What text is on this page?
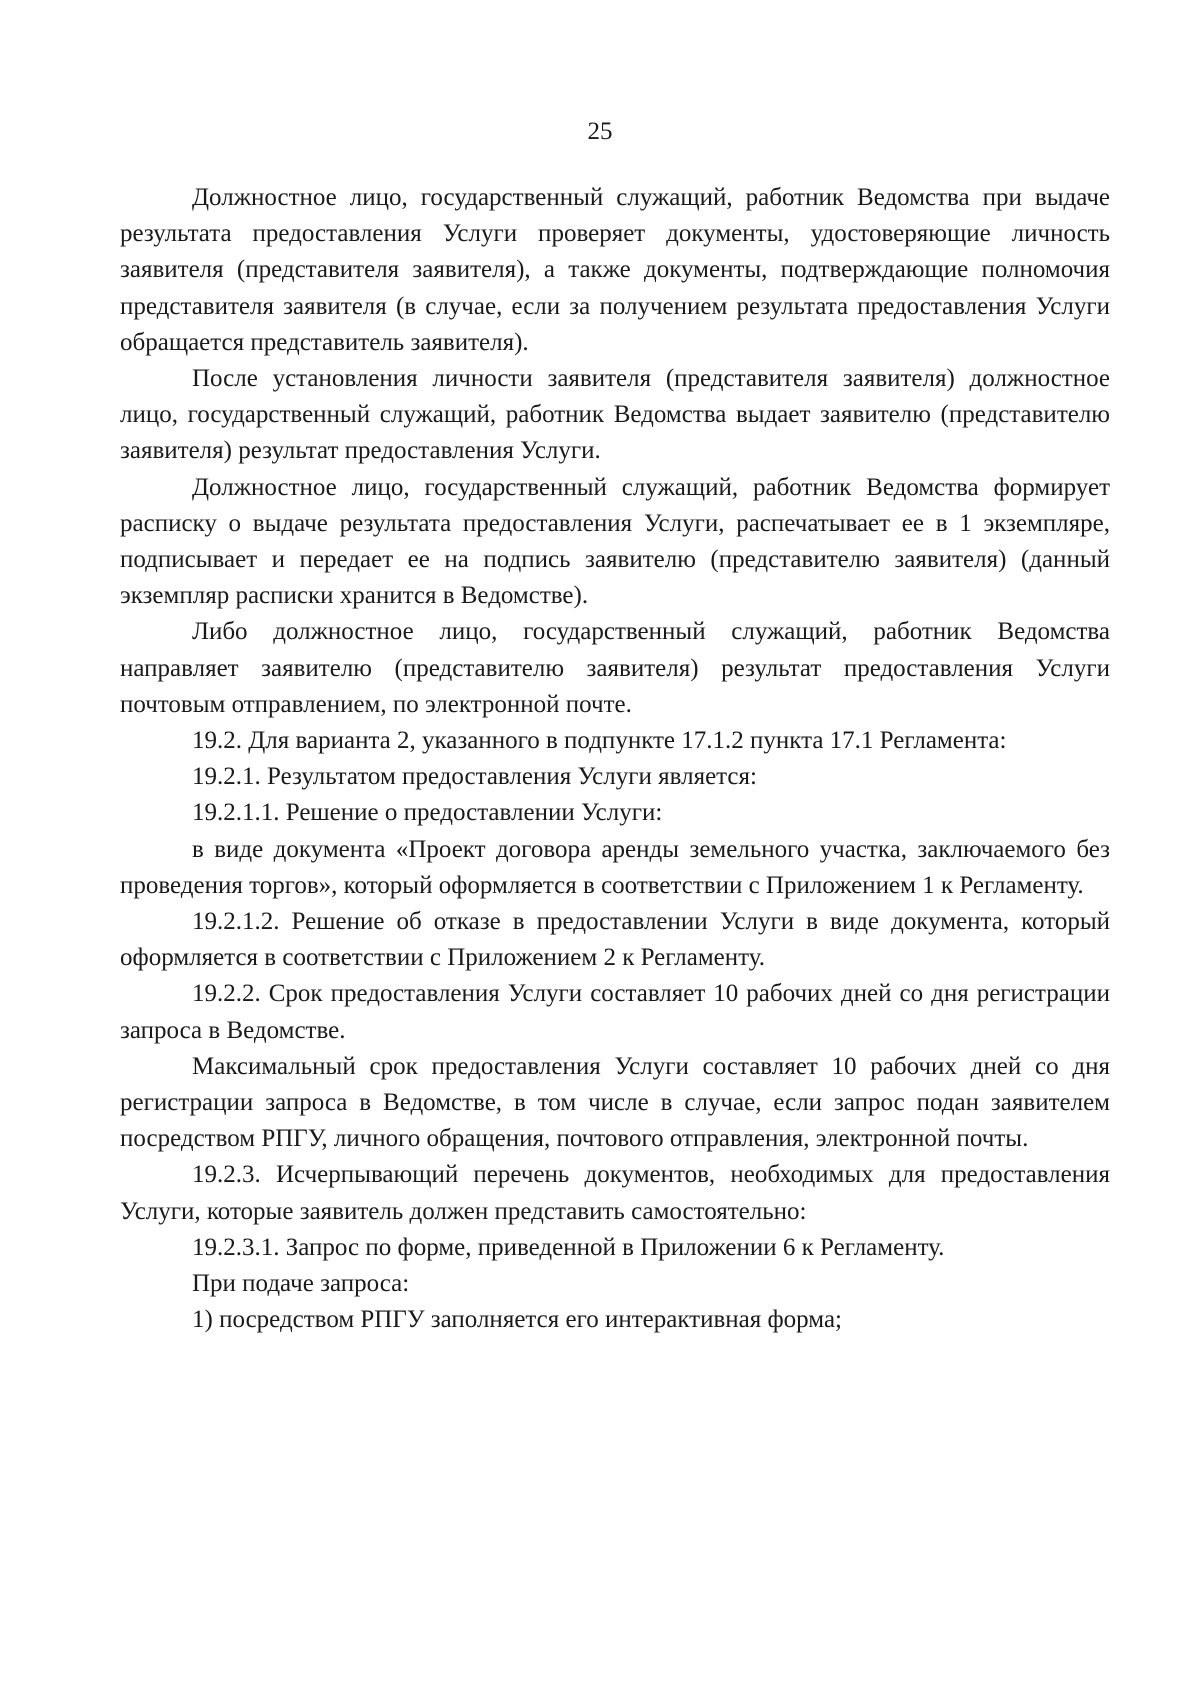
25

Должностное лицо, государственный служащий, работник Ведомства при выдаче результата предоставления Услуги проверяет документы, удостоверяющие личность заявителя (представителя заявителя), а также документы, подтверждающие полномочия представителя заявителя (в случае, если за получением результата предоставления Услуги обращается представитель заявителя).

После установления личности заявителя (представителя заявителя) должностное лицо, государственный служащий, работник Ведомства выдает заявителю (представителю заявителя) результат предоставления Услуги.

Должностное лицо, государственный служащий, работник Ведомства формирует расписку о выдаче результата предоставления Услуги, распечатывает ее в 1 экземпляре, подписывает и передает ее на подпись заявителю (представителю заявителя) (данный экземпляр расписки хранится в Ведомстве).

Либо должностное лицо, государственный служащий, работник Ведомства направляет заявителю (представителю заявителя) результат предоставления Услуги почтовым отправлением, по электронной почте.

19.2. Для варианта 2, указанного в подпункте 17.1.2 пункта 17.1 Регламента:

19.2.1. Результатом предоставления Услуги является:

19.2.1.1. Решение о предоставлении Услуги:

в виде документа «Проект договора аренды земельного участка, заключаемого без проведения торгов», который оформляется в соответствии с Приложением 1 к Регламенту.

19.2.1.2. Решение об отказе в предоставлении Услуги в виде документа, который оформляется в соответствии с Приложением 2 к Регламенту.

19.2.2. Срок предоставления Услуги составляет 10 рабочих дней со дня регистрации запроса в Ведомстве.

Максимальный срок предоставления Услуги составляет 10 рабочих дней со дня регистрации запроса в Ведомстве, в том числе в случае, если запрос подан заявителем посредством РПГУ, личного обращения, почтового отправления, электронной почты.

19.2.3. Исчерпывающий перечень документов, необходимых для предоставления Услуги, которые заявитель должен представить самостоятельно:

19.2.3.1. Запрос по форме, приведенной в Приложении 6 к Регламенту.

При подаче запроса:

1) посредством РПГУ заполняется его интерактивная форма;
